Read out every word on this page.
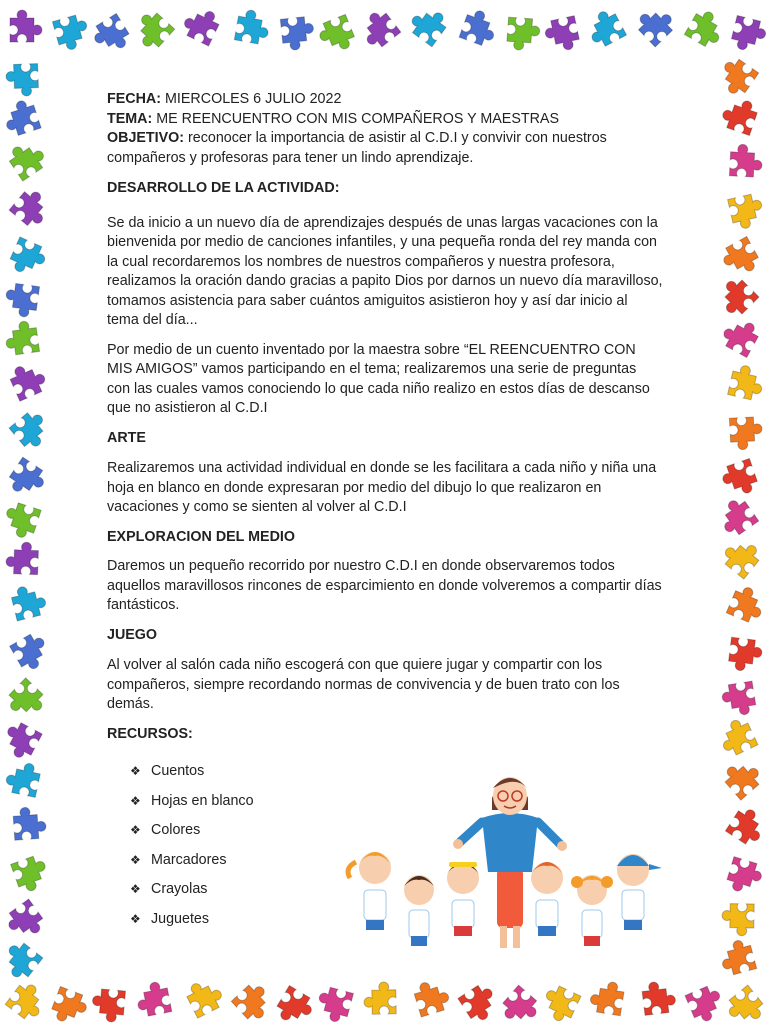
FECHA: MIERCOLES 6 JULIO 2022

TEMA: ME REENCUENTRO CON MIS COMPAÑEROS Y MAESTRAS

OBJETIVO: reconocer la importancia de asistir al C.D.I y convivir con nuestros compañeros y profesoras para tener un lindo aprendizaje.

DESARROLLO DE LA ACTIVIDAD:

Se da inicio a un nuevo día de aprendizajes después de unas largas vacaciones con la bienvenida por medio de canciones infantiles, y una pequeña ronda del rey manda con la cual recordaremos los nombres de nuestros compañeros y nuestra profesora, realizamos la oración dando gracias a papito Dios por darnos un nuevo día maravilloso, tomamos asistencia para saber cuántos amiguitos asistieron hoy y así dar inicio al tema del día...

Por medio de un cuento inventado por la maestra sobre “EL REENCUENTRO CON MIS AMIGOS” vamos participando en el tema; realizaremos una serie de preguntas con las cuales vamos conociendo lo que cada niño realizo en estos días de descanso que no asistieron al C.D.I

ARTE

Realizaremos una actividad individual en donde se les facilitara a cada niño y niña una hoja en blanco en donde expresaran por medio del dibujo lo que realizaron en vacaciones y como se sienten al volver al C.D.I

EXPLORACION DEL MEDIO

Daremos un pequeño recorrido por nuestro C.D.I en donde observaremos todos aquellos maravillosos rincones de esparcimiento en donde volveremos a compartir días fantásticos.

JUEGO

Al volver al salón cada niño escogerá con que quiere jugar y compartir con los compañeros, siempre recordando normas de convivencia y de buen trato con los demás.

RECURSOS:

❖ Cuentos
❖ Hojas en blanco
❖ Colores
❖ Marcadores
❖ Crayolas
❖ Juguetes
